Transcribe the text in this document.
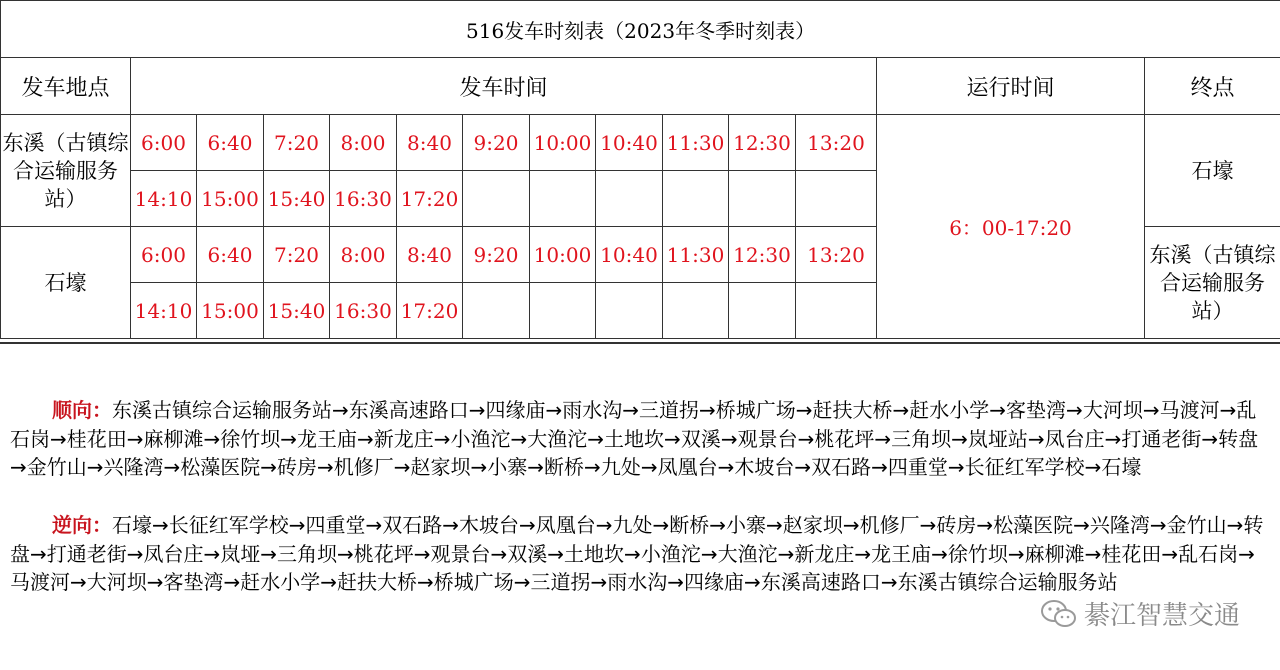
516发车时刻表（2023年冬季时刻表）													
发车地点	发车时间											运行时间	终点
东溪（古镇综合运输服务站）	6:00	6:40	7:20	8:00	8:40	9:20	10:00	10:40	11:30	12:30	13:20	6：00-17:20	石壕
	14:10	15:00	15:40	16:30	17:20								
石壕	6:00	6:40	7:20	8:00	8:40	9:20	10:00	10:40	11:30	12:30	13:20		东溪（古镇综合运输服务站）
	14:10	15:00	15:40	16:30	17:20								

顺向：东溪古镇综合运输服务站→东溪高速路口→四缘庙→雨水沟→三道拐→桥城广场→赶扶大桥→赶水小学→客垫湾→大河坝→马渡河→乱石岗→桂花田→麻柳滩→徐竹坝→龙王庙→新龙庄→小渔沱→大渔沱→土地坎→双溪→观景台→桃花坪→三角坝→岚垭站→凤台庄→打通老街→转盘→金竹山→兴隆湾→松藻医院→砖房→机修厂→赵家坝→小寨→断桥→九处→凤凰台→木坡台→双石路→四重堂→长征红军学校→石壕

逆向：石壕→长征红军学校→四重堂→双石路→木坡台→凤凰台→九处→断桥→小寨→赵家坝→机修厂→砖房→松藻医院→兴隆湾→金竹山→转盘→打通老街→凤台庄→岚垭→三角坝→桃花坪→观景台→双溪→土地坎→小渔沱→大渔沱→新龙庄→龙王庙→徐竹坝→麻柳滩→桂花田→乱石岗→马渡河→大河坝→客垫湾→赶水小学→赶扶大桥→桥城广场→三道拐→雨水沟→四缘庙→东溪高速路口→东溪古镇综合运输服务站

綦江智慧交通
